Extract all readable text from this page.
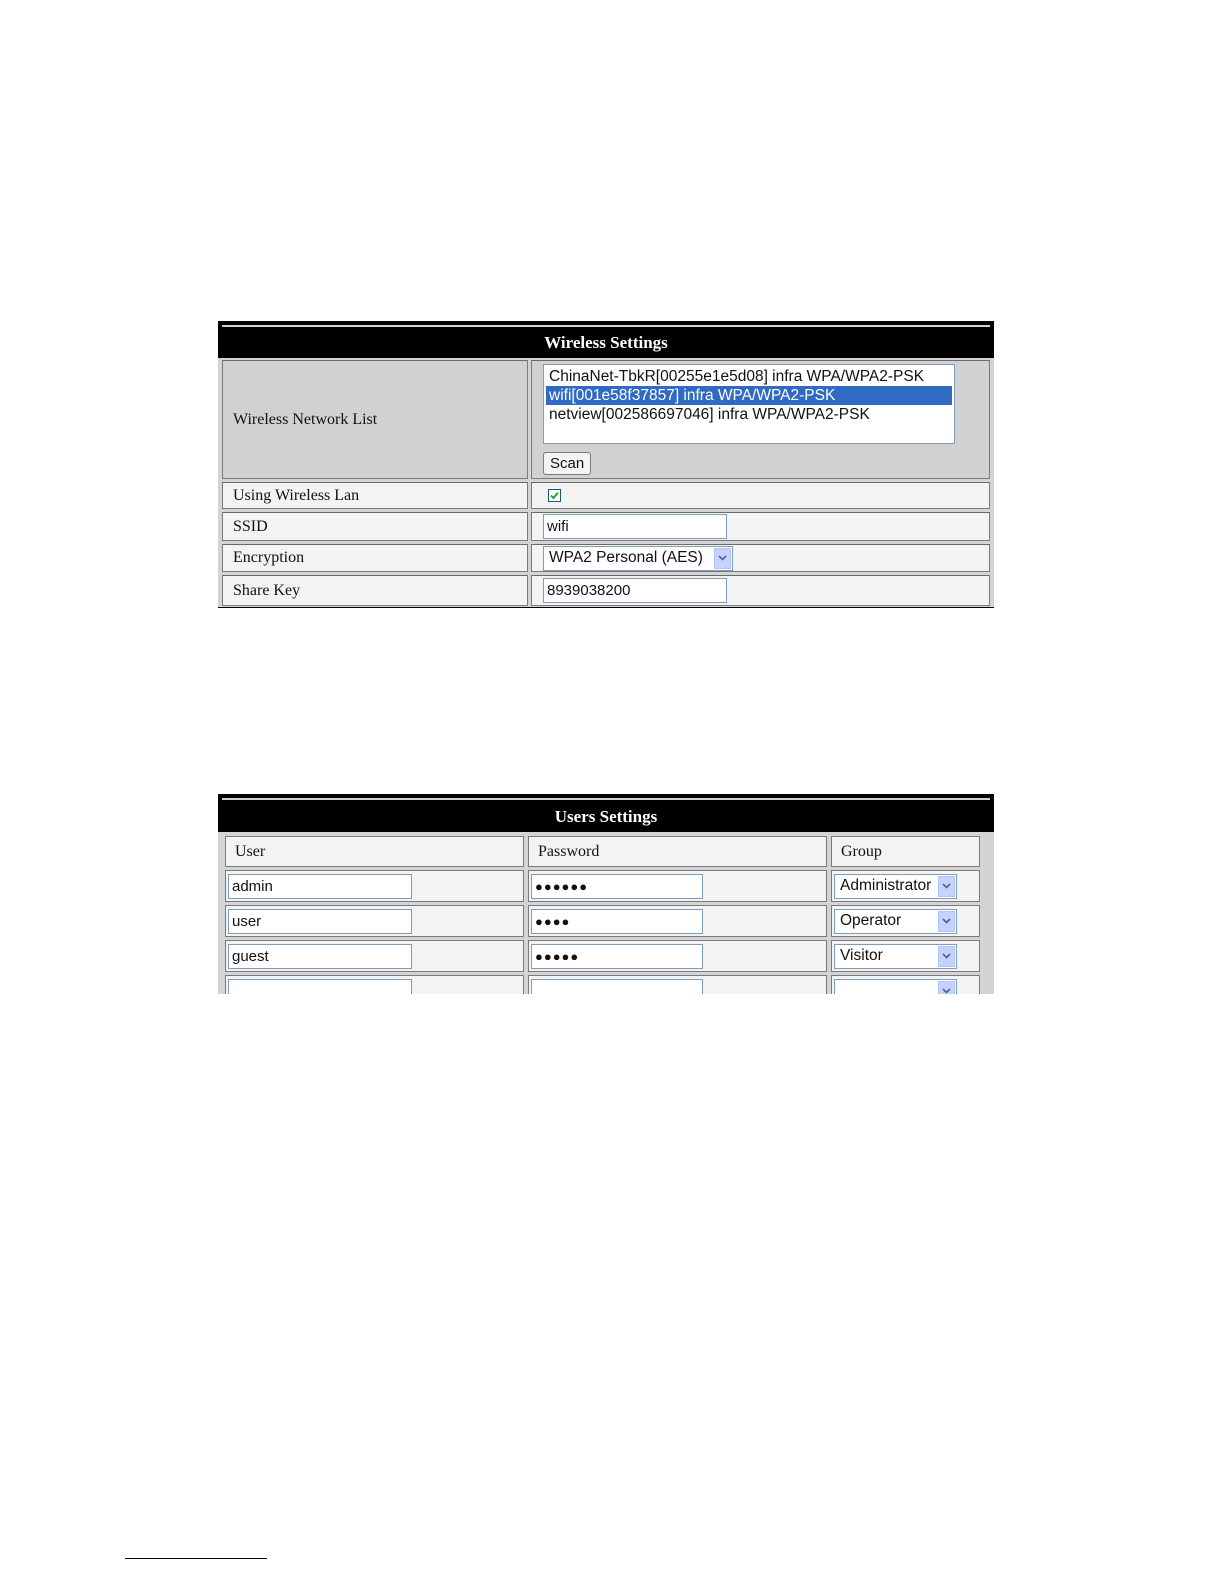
Wireless Settings
Wireless Network List
ChinaNet-TbkR[00255e1e5d08] infra WPA/WPA2-PSK
wifi[001e58f37857] infra WPA/WPA2-PSK
netview[002586697046] infra WPA/WPA2-PSK
Scan
Using Wireless Lan
SSID	wifi
Encryption	WPA2 Personal (AES)
Share Key	8939038200
Users Settings
User	Password	Group
admin	●●●●●●	Administrator
user	●●●●	Operator
guest	●●●●●	Visitor
